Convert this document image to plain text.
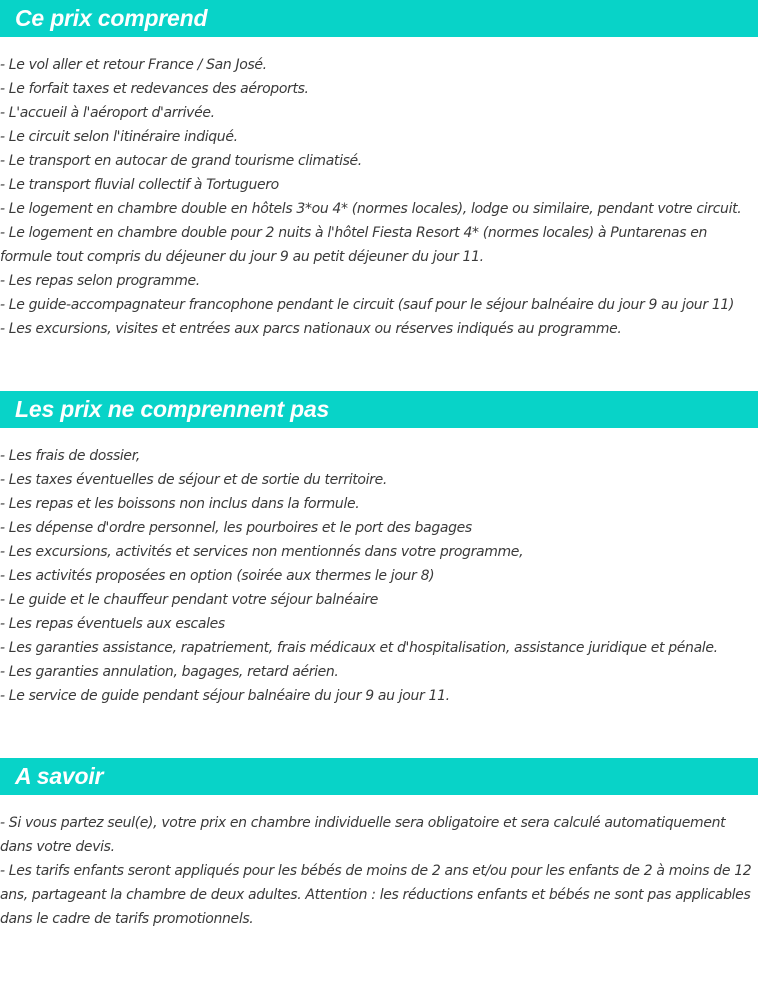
Ce prix comprend
- Le vol aller et retour France / San José.
- Le forfait taxes et redevances des aéroports.
- L'accueil à l'aéroport d'arrivée.
- Le circuit selon l'itinéraire indiqué.
- Le transport en autocar de grand tourisme climatisé.
- Le transport fluvial collectif à Tortuguero
- Le logement en chambre double en hôtels 3*ou 4* (normes locales), lodge ou similaire, pendant votre circuit.
- Le logement en chambre double pour 2 nuits à l'hôtel Fiesta Resort 4* (normes locales) à Puntarenas en formule tout compris du déjeuner du jour 9 au petit déjeuner du jour 11.
- Les repas selon programme.
- Le guide-accompagnateur francophone pendant le circuit (sauf pour le séjour balnéaire du jour 9 au jour 11)
- Les excursions, visites et entrées aux parcs nationaux ou réserves indiqués au programme.
Les prix ne comprennent pas
- Les frais de dossier,
- Les taxes éventuelles de séjour et de sortie du territoire.
- Les repas et les boissons non inclus dans la formule.
- Les dépense d'ordre personnel, les pourboires et le port des bagages
- Les excursions, activités et services non mentionnés dans votre programme,
- Les activités proposées en option (soirée aux thermes le jour 8)
- Le guide et le chauffeur pendant votre séjour balnéaire
- Les repas éventuels aux escales
- Les garanties assistance, rapatriement, frais médicaux et d'hospitalisation, assistance juridique et pénale.
- Les garanties annulation, bagages, retard aérien.
- Le service de guide pendant séjour balnéaire du jour 9 au jour 11.
A savoir
- Si vous partez seul(e), votre prix en chambre individuelle sera obligatoire et sera calculé automatiquement dans votre devis.
- Les tarifs enfants seront appliqués pour les bébés de moins de 2 ans et/ou pour les enfants de 2 à moins de 12 ans, partageant la chambre de deux adultes. Attention : les réductions enfants et bébés ne sont pas applicables dans le cadre de tarifs promotionnels.
